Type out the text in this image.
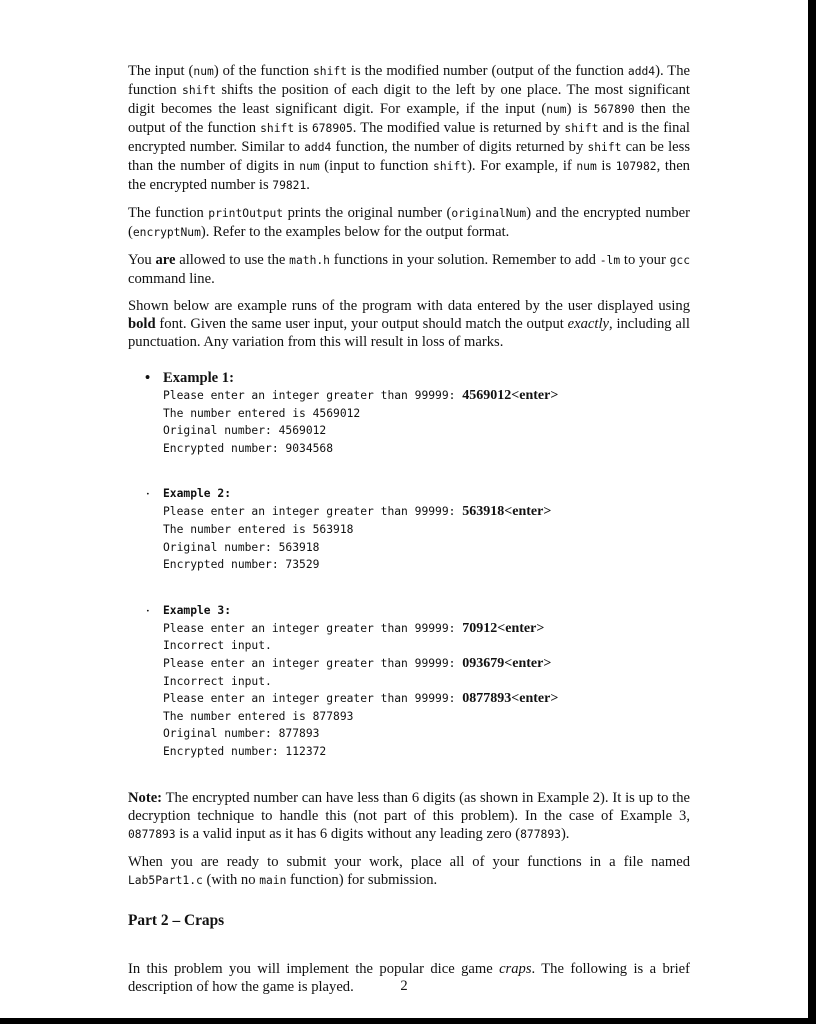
The input (num) of the function shift is the modified number (output of the function add4). The function shift shifts the position of each digit to the left by one place. The most significant digit becomes the least significant digit. For example, if the input (num) is 567890 then the output of the function shift is 678905. The modified value is returned by shift and is the final encrypted number. Similar to add4 function, the number of digits returned by shift can be less than the number of digits in num (input to function shift). For example, if num is 107982, then the encrypted number is 79821.

The function printOutput prints the original number (originalNum) and the encrypted number (encryptNum). Refer to the examples below for the output format.

You are allowed to use the math.h functions in your solution. Remember to add -lm to your gcc command line.

Shown below are example runs of the program with data entered by the user displayed using bold font. Given the same user input, your output should match the output exactly, including all punctuation. Any variation from this will result in loss of marks.

• Example 1:
Please enter an integer greater than 99999: 4569012<enter>
The number entered is 4569012
Original number: 4569012
Encrypted number: 9034568
· Example 2:
Please enter an integer greater than 99999: 563918<enter>
The number entered is 563918
Original number: 563918
Encrypted number: 73529
· Example 3:
Please enter an integer greater than 99999: 70912<enter>
Incorrect input.
Please enter an integer greater than 99999: 093679<enter>
Incorrect input.
Please enter an integer greater than 99999: 0877893<enter>
The number entered is 877893
Original number: 877893
Encrypted number: 112372

Note: The encrypted number can have less than 6 digits (as shown in Example 2). It is up to the decryption technique to handle this (not part of this problem). In the case of Example 3, 0877893 is a valid input as it has 6 digits without any leading zero (877893).

When you are ready to submit your work, place all of your functions in a file named Lab5Part1.c (with no main function) for submission.

Part 2 – Craps

In this problem you will implement the popular dice game craps. The following is a brief description of how the game is played.	2
